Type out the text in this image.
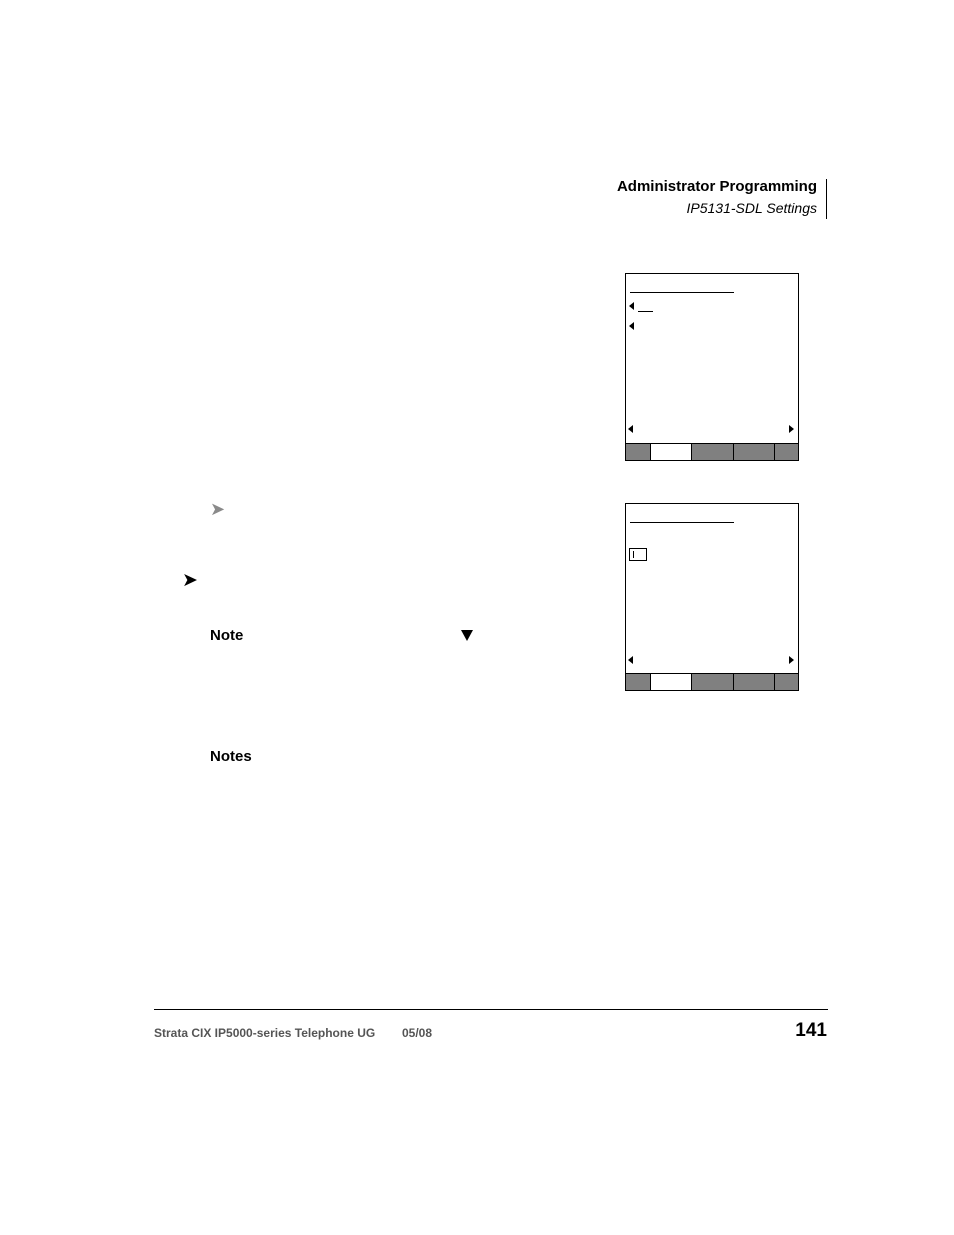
Administrator Programming
IP5131-SDL Settings
➤
➤
Note
Notes
Strata CIX IP5000-series Telephone UG 05/08	141
